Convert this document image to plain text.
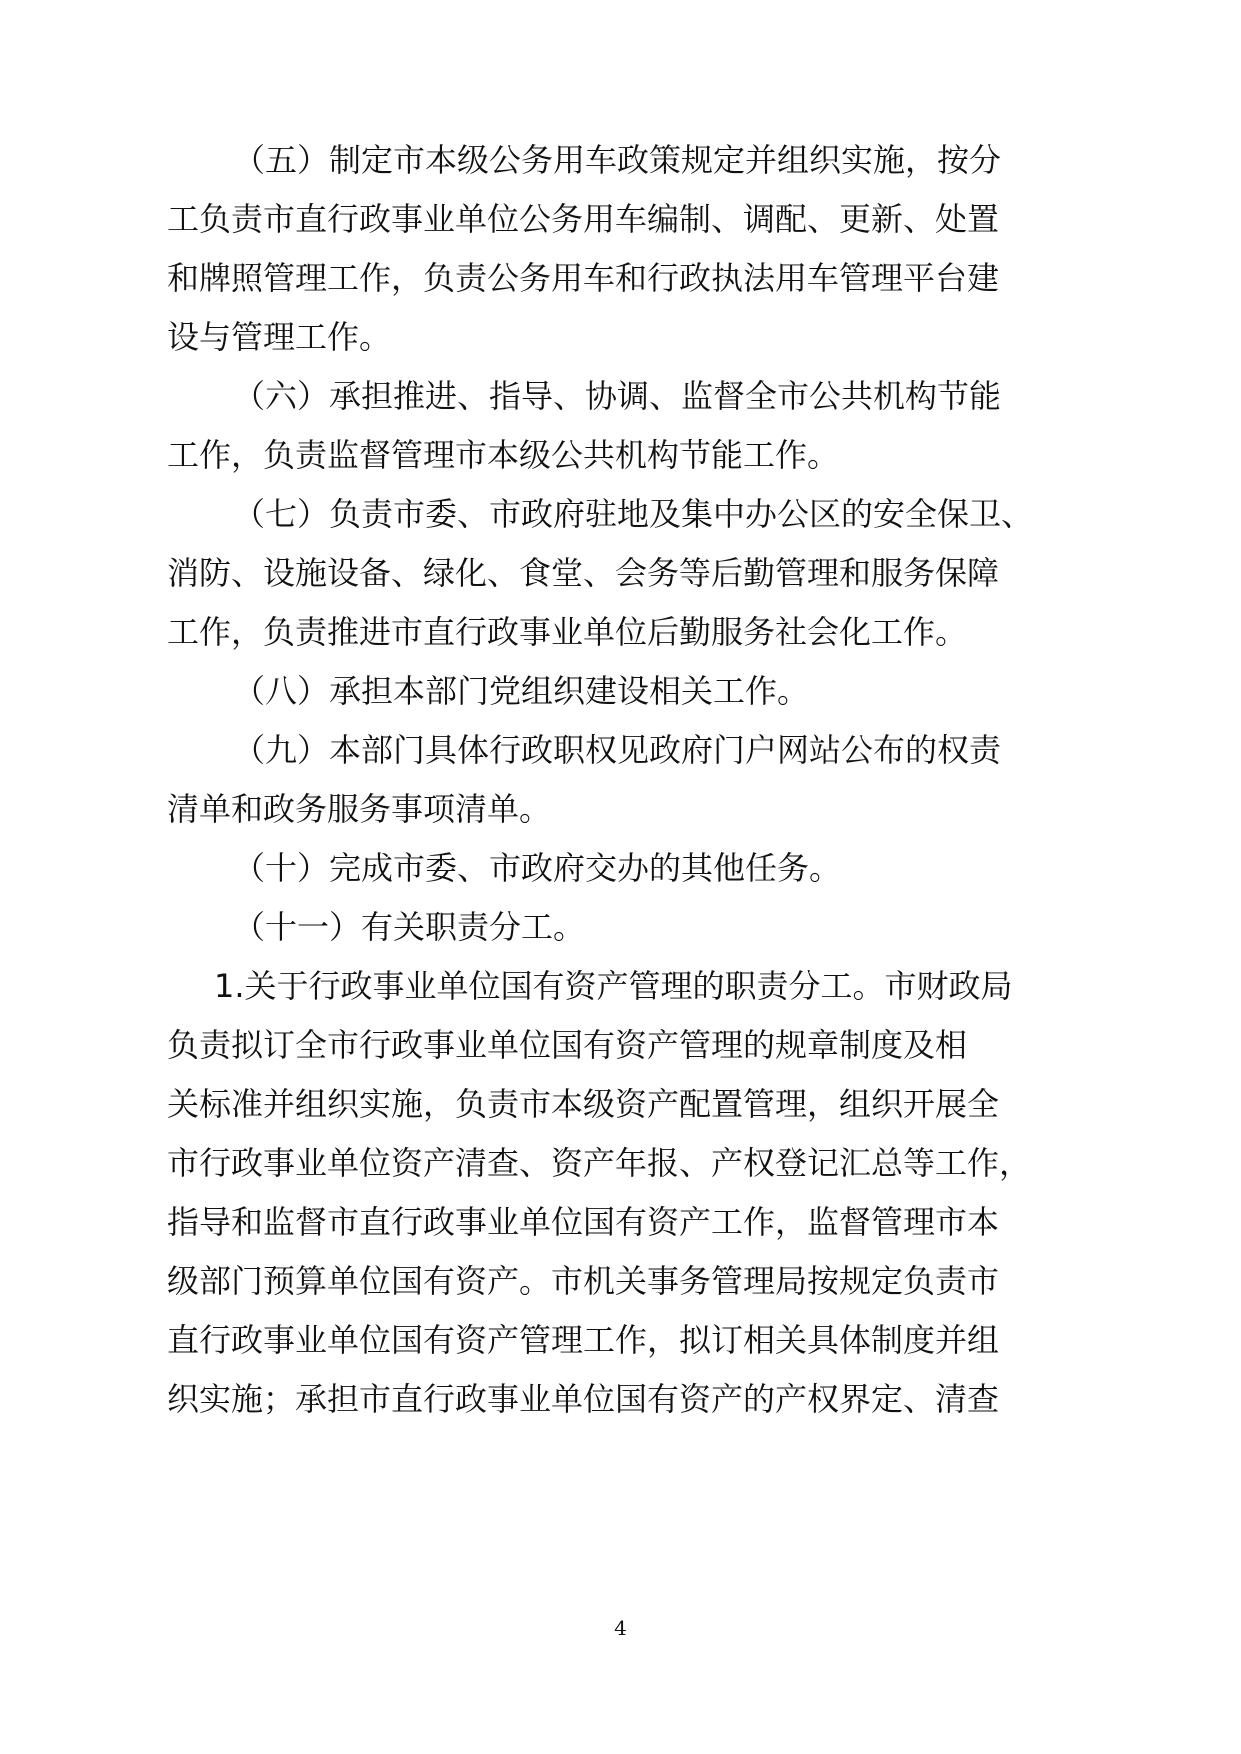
（五）制定市本级公务用车政策规定并组织实施，按分
工负责市直行政事业单位公务用车编制、调配、更新、处置
和牌照管理工作，负责公务用车和行政执法用车管理平台建
设与管理工作。
（六）承担推进、指导、协调、监督全市公共机构节能
工作，负责监督管理市本级公共机构节能工作。
（七）负责市委、市政府驻地及集中办公区的安全保卫、
消防、设施设备、绿化、食堂、会务等后勤管理和服务保障
工作，负责推进市直行政事业单位后勤服务社会化工作。
（八）承担本部门党组织建设相关工作。
（九）本部门具体行政职权见政府门户网站公布的权责
清单和政务服务事项清单。
（十）完成市委、市政府交办的其他任务。
（十一）有关职责分工。
1.关于行政事业单位国有资产管理的职责分工。市财政局
负责拟订全市行政事业单位国有资产管理的规章制度及相
关标准并组织实施，负责市本级资产配置管理，组织开展全
市行政事业单位资产清查、资产年报、产权登记汇总等工作，
指导和监督市直行政事业单位国有资产工作，监督管理市本
级部门预算单位国有资产。市机关事务管理局按规定负责市
直行政事业单位国有资产管理工作，拟订相关具体制度并组
织实施；承担市直行政事业单位国有资产的产权界定、清查
4
